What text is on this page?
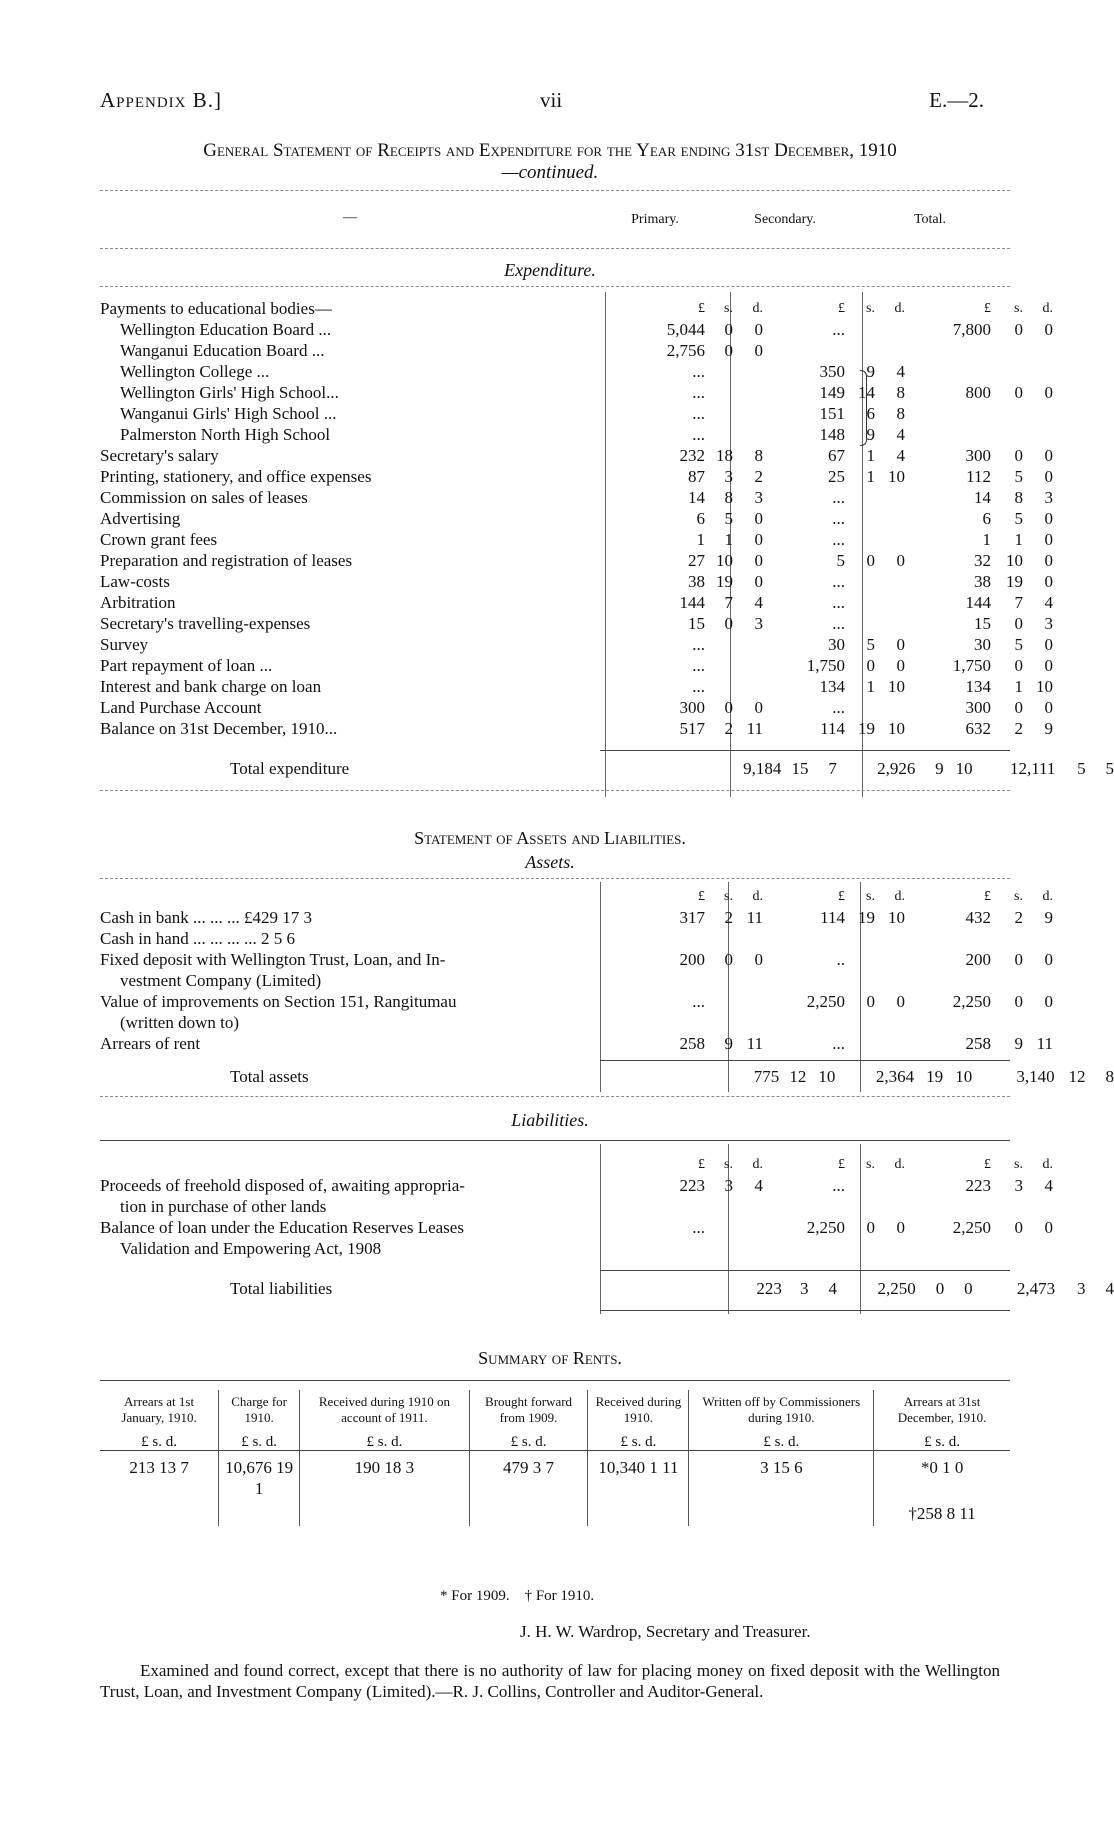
Appendix B.]	vii	E.—2.
General Statement of Receipts and Expenditure for the Year ending 31st December, 1910
—continued.
—	Primary.	Secondary.	Total.
Expenditure.
Payments to educational bodies—	£	s.	d.		£	s.	d.		£	s.	d.
Wellington Education Board ...	5,044	0	0		...				7,800	0	0
Wanganui Education Board ...	2,756	0	0								
Wellington College ...	...				350	9	4				
Wellington Girls' High School...	...				149	14	8		800	0	0
Wanganui Girls' High School ...	...				151	6	8				
Palmerston North High School	...				148	9	4				
Secretary's salary	232	18	8		67	1	4		300	0	0
Printing, stationery, and office expenses	87	3	2		25	1	10		112	5	0
Commission on sales of leases	14	8	3		...				14	8	3
Advertising	6	5	0		...				6	5	0
Crown grant fees	1	1	0		...				1	1	0
Preparation and registration of leases	27	10	0		5	0	0		32	10	0
Law-costs	38	19	0		...				38	19	0
Arbitration	144	7	4		...				144	7	4
Secretary's travelling-expenses	15	0	3		...				15	0	3
Survey	...				30	5	0		30	5	0
Part repayment of loan ...	...				1,750	0	0		1,750	0	0
Interest and bank charge on loan	...				134	1	10		134	1	10
Land Purchase Account	300	0	0		...				300	0	0
Balance on 31st December, 1910...	517	2	11		114	19	10		632	2	9
Total expenditure	9,184	15	7		2,926	9	10		12,111	5	5
Statement of Assets and Liabilities.
Assets.
	£	s.	d.		£	s.	d.		£	s.	d.
Cash in bank ... ... ... £429 17 3	317	2	11		114	19	10		432	2	9
Cash in hand ... ... ... ... 2 5 6											
Fixed deposit with Wellington Trust, Loan, and In-	200	0	0		..				200	0	0
vestment Company (Limited)											
Value of improvements on Section 151, Rangitumau	...				2,250	0	0		2,250	0	0
(written down to)											
Arrears of rent	258	9	11		...				258	9	11
Total assets	775	12	10		2,364	19	10		3,140	12	8
Liabilities.
	£	s.	d.		£	s.	d.		£	s.	d.
Proceeds of freehold disposed of, awaiting appropria-	223	3	4		...				223	3	4
tion in purchase of other lands											
Balance of loan under the Education Reserves Leases	...				2,250	0	0		2,250	0	0
Validation and Empowering Act, 1908											
Total liabilities	223	3	4		2,250	0	0		2,473	3	4
Summary of Rents.
Arrears at 1st January, 1910.	Charge for 1910.	Received during 1910 on account of 1911.	Brought forward from 1909.	Received during 1910.	Written off by Commissioners during 1910.	Arrears at 31st December, 1910.
£ s. d.	£ s. d.	£ s. d.	£ s. d.	£ s. d.	£ s. d.	£ s. d.
213 13 7	10,676 19 1	190 18 3	479 3 7	10,340 1 11	3 15 6	*0 1 0
						†258 8 11
* For 1909.    † For 1910.
J. H. W. Wardrop, Secretary and Treasurer.
Examined and found correct, except that there is no authority of law for placing money on fixed deposit with the Wellington Trust, Loan, and Investment Company (Limited).—R. J. Collins, Controller and Auditor-General.
